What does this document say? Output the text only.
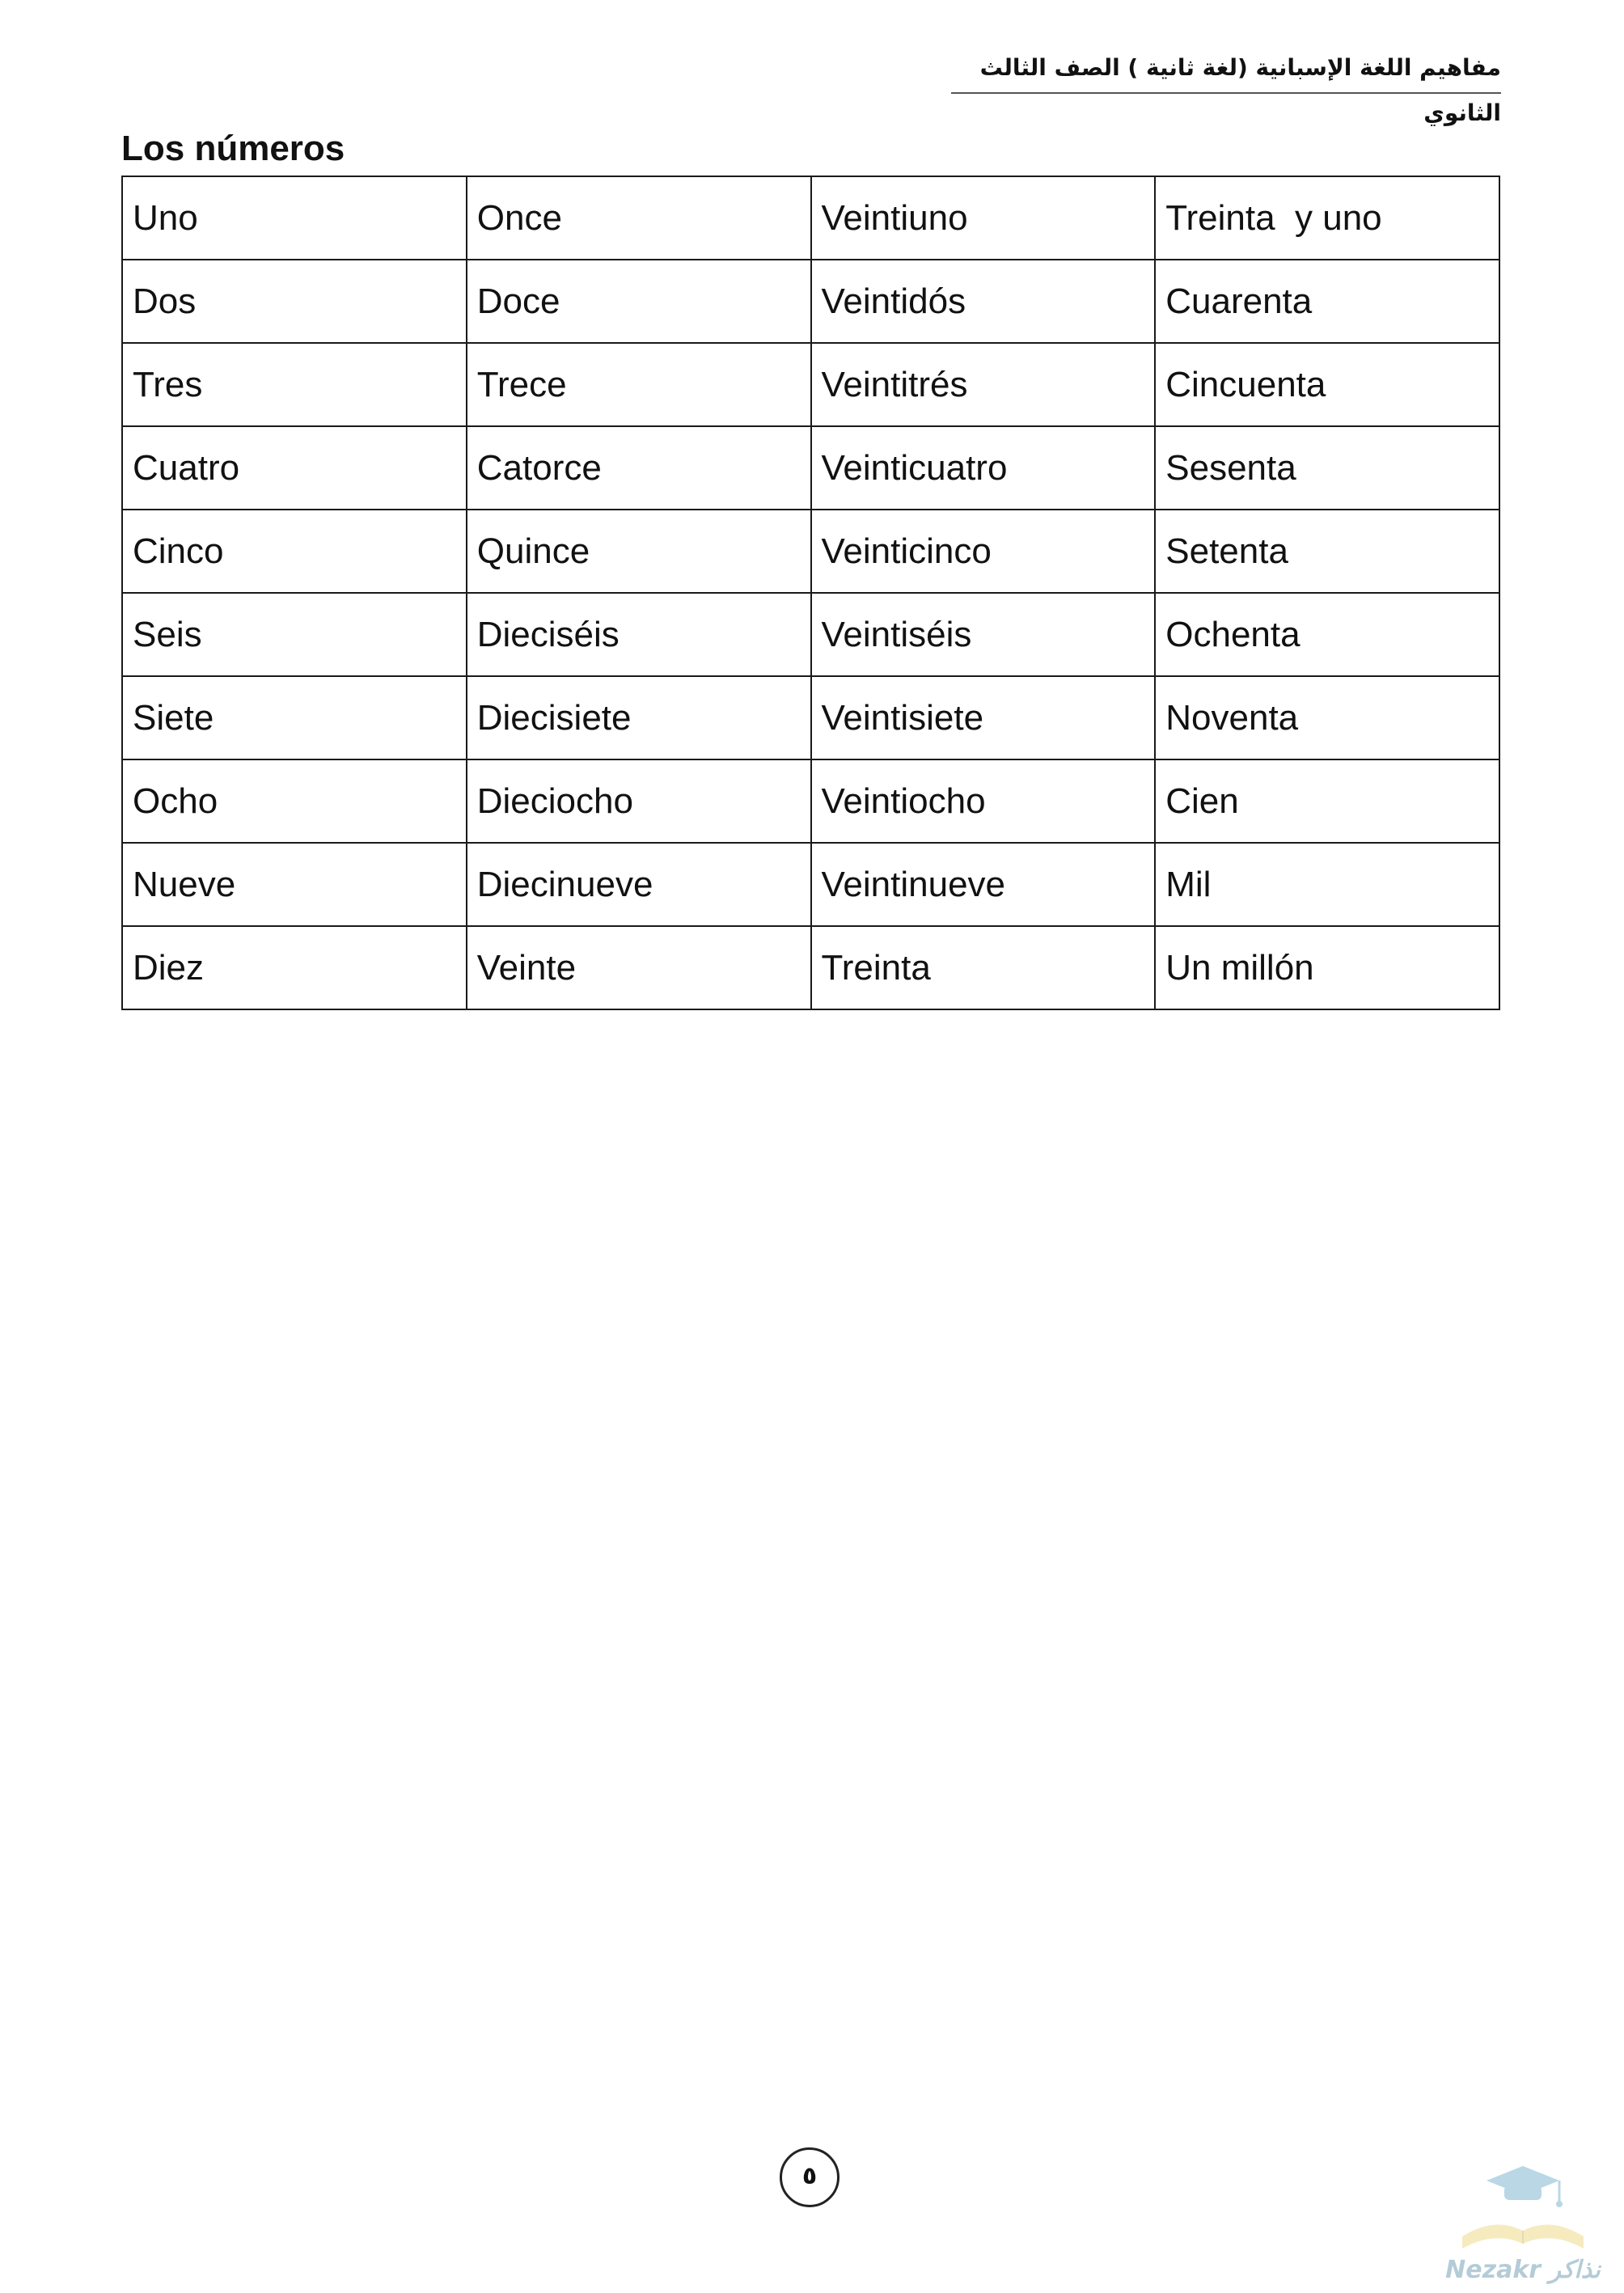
مفاهيم اللغة الإسبانية (لغة ثانية ) الصف الثالث الثانوي
Los números
Uno	Once	Veintiuno	Treinta  y uno
Dos	Doce	Veintidós	Cuarenta
Tres	Trece	Veintitrés	Cincuenta
Cuatro	Catorce	Veinticuatro	Sesenta
Cinco	Quince	Veinticinco	Setenta
Seis	Dieciséis	Veintiséis	Ochenta
Siete	Diecisiete	Veintisiete	Noventa
Ocho	Dieciocho	Veintiocho	Cien
Nueve	Diecinueve	Veintinueve	Mil
Diez	Veinte	Treinta	Un millón
٥
Nezakr نذاكر
